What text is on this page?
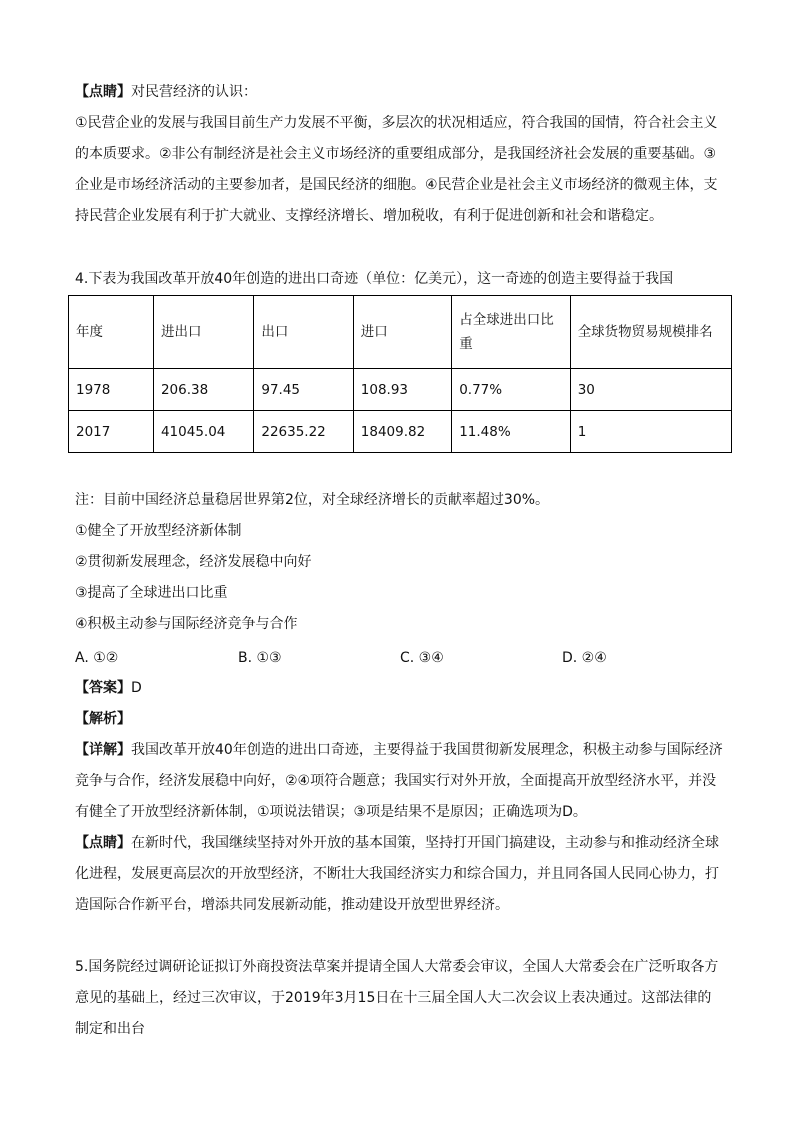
【点睛】对民营经济的认识：
①民营企业的发展与我国目前生产力发展不平衡，多层次的状况相适应，符合我国的国情，符合社会主义
的本质要求。②非公有制经济是社会主义市场经济的重要组成部分，是我国经济社会发展的重要基础。③
企业是市场经济活动的主要参加者，是国民经济的细胞。④民营企业是社会主义市场经济的微观主体，支
持民营企业发展有利于扩大就业、支撑经济增长、增加税收，有利于促进创新和社会和谐稳定。
4.下表为我国改革开放40年创造的进出口奇迹（单位：亿美元），这一奇迹的创造主要得益于我国
年度	进出口	出口	进口	占全球进出口比重	全球货物贸易规模排名
1978	206.38	97.45	108.93	0.77%	30
2017	41045.04	22635.22	18409.82	11.48%	1
注：目前中国经济总量稳居世界第2位，对全球经济增长的贡献率超过30%。
①健全了开放型经济新体制
②贯彻新发展理念，经济发展稳中向好
③提高了全球进出口比重
④积极主动参与国际经济竞争与合作
A. ①②	B. ①③	C. ③④	D. ②④
【答案】D
【解析】
【详解】我国改革开放40年创造的进出口奇迹，主要得益于我国贯彻新发展理念，积极主动参与国际经济
竞争与合作，经济发展稳中向好，②④项符合题意；我国实行对外开放，全面提高开放型经济水平，并没
有健全了开放型经济新体制，①项说法错误；③项是结果不是原因；正确选项为D。
【点睛】在新时代，我国继续坚持对外开放的基本国策，坚持打开国门搞建设，主动参与和推动经济全球
化进程，发展更高层次的开放型经济，不断壮大我国经济实力和综合国力，并且同各国人民同心协力，打
造国际合作新平台，增添共同发展新动能，推动建设开放型世界经济。
5.国务院经过调研论证拟订外商投资法草案并提请全国人大常委会审议，全国人大常委会在广泛听取各方
意见的基础上，经过三次审议，于2019年3月15日在十三届全国人大二次会议上表决通过。这部法律的
制定和出台
